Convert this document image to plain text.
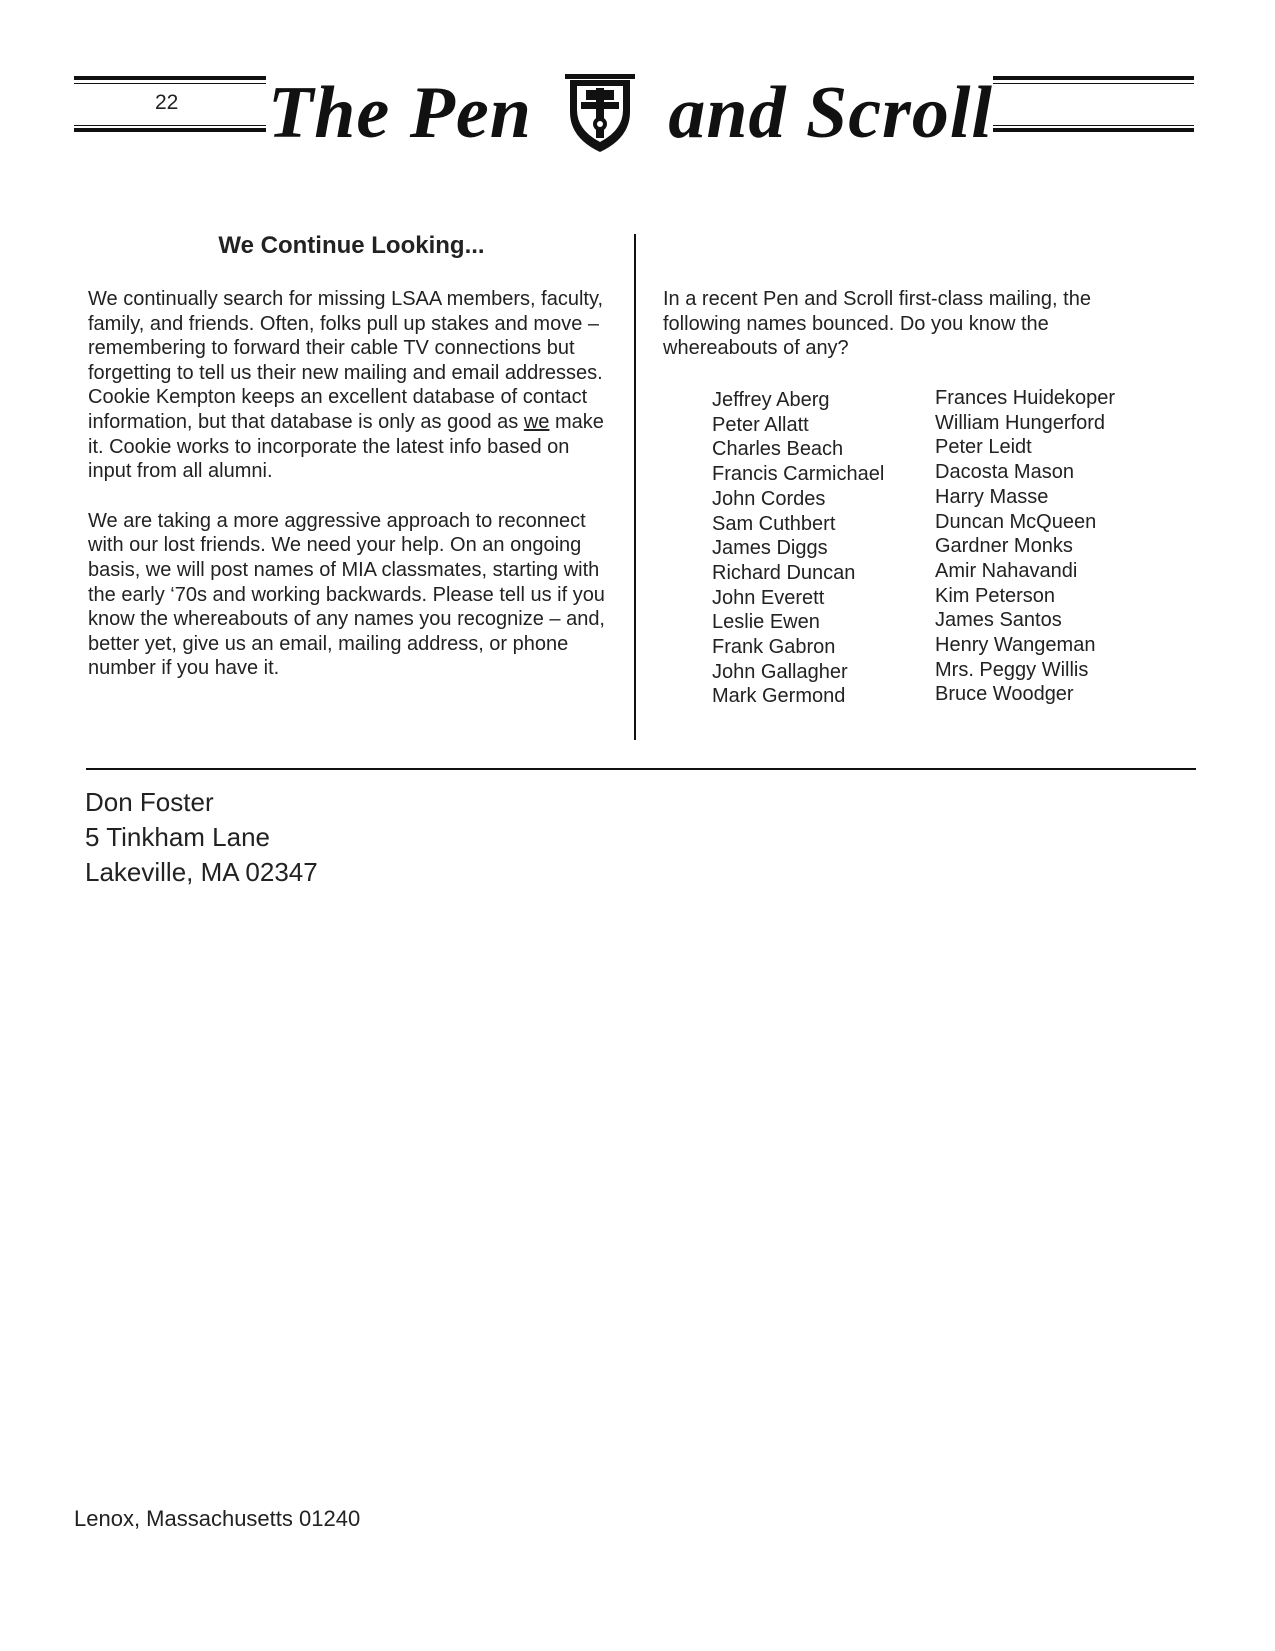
22 The Pen and Scroll
We Continue Looking...

We continually search for missing LSAA members, faculty, family, and friends. Often, folks pull up stakes and move – remembering to forward their cable TV connections but forgetting to tell us their new mailing and email addresses. Cookie Kempton keeps an excellent database of contact information, but that database is only as good as we make it. Cookie works to incorporate the latest info based on input from all alumni.

We are taking a more aggressive approach to reconnect with our lost friends. We need your help. On an ongoing basis, we will post names of MIA classmates, starting with the early ‘70s and working backwards. Please tell us if you know the whereabouts of any names you recognize – and, better yet, give us an email, mailing address, or phone number if you have it.

In a recent Pen and Scroll first-class mailing, the following names bounced. Do you know the whereabouts of any?

Jeffrey Aberg
Peter Allatt
Charles Beach
Francis Carmichael
John Cordes
Sam Cuthbert
James Diggs
Richard Duncan
John Everett
Leslie Ewen
Frank Gabron
John Gallagher
Mark Germond
Frances Huidekoper
William Hungerford
Peter Leidt
Dacosta Mason
Harry Masse
Duncan McQueen
Gardner Monks
Amir Nahavandi
Kim Peterson
James Santos
Henry Wangeman
Mrs. Peggy Willis
Bruce Woodger
Don Foster
5 Tinkham Lane
Lakeville, MA 02347
Lenox, Massachusetts 01240
